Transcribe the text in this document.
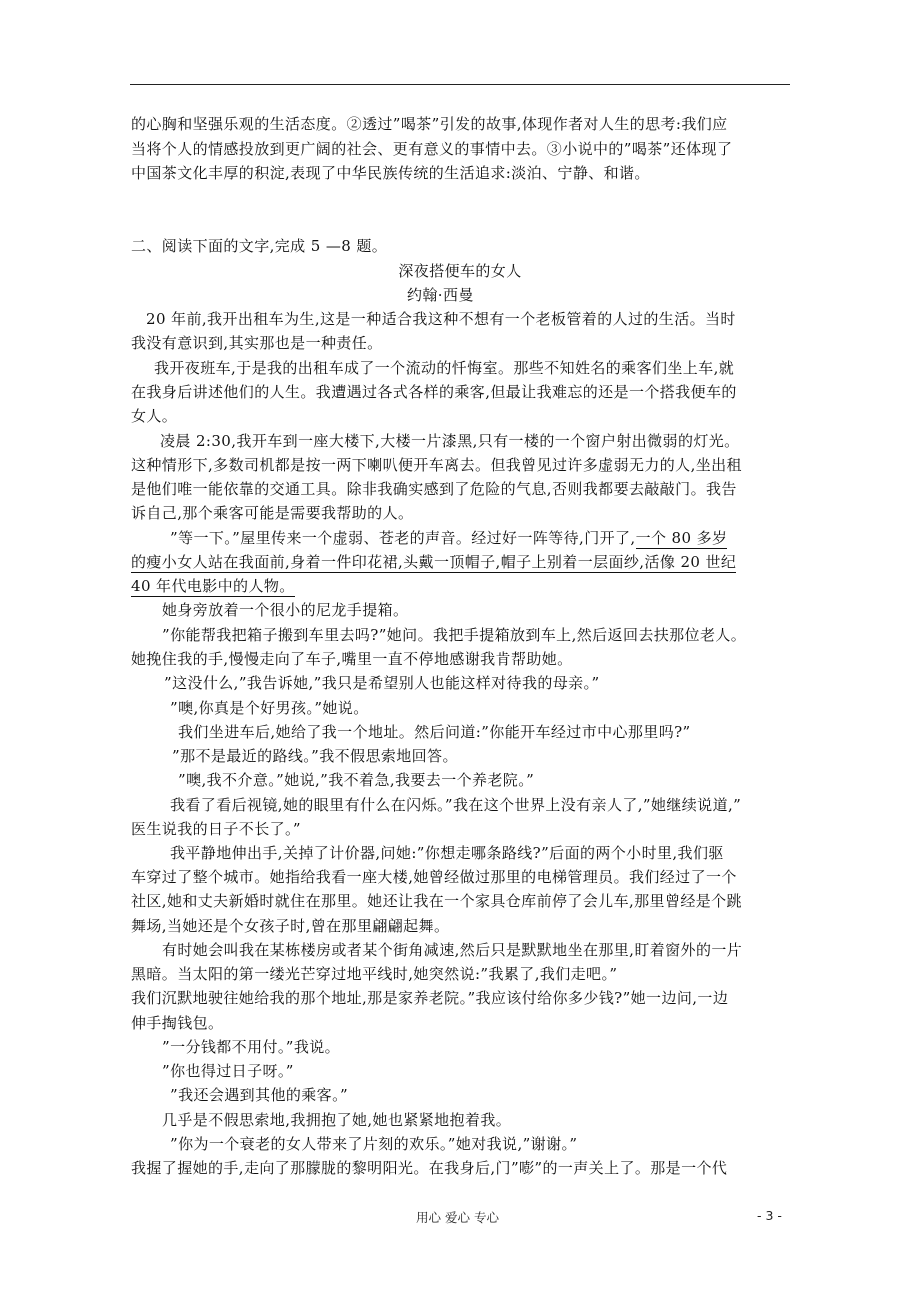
的心胸和坚强乐观的生活态度。②透过”喝茶”引发的故事,体现作者对人生的思考:我们应
当将个人的情感投放到更广阔的社会、更有意义的事情中去。③小说中的”喝茶”还体现了
中国茶文化丰厚的积淀,表现了中华民族传统的生活追求:淡泊、宁静、和谐。
二、阅读下面的文字,完成 5 —8 题。
深夜搭便车的女人
约翰·西曼
20 年前,我开出租车为生,这是一种适合我这种不想有一个老板管着的人过的生活。当时
我没有意识到,其实那也是一种责任。
我开夜班车,于是我的出租车成了一个流动的忏悔室。那些不知姓名的乘客们坐上车,就
在我身后讲述他们的人生。我遭遇过各式各样的乘客,但最让我难忘的还是一个搭我便车的
女人。
凌晨 2:30,我开车到一座大楼下,大楼一片漆黑,只有一楼的一个窗户射出微弱的灯光。
这种情形下,多数司机都是按一两下喇叭便开车离去。但我曾见过许多虚弱无力的人,坐出租
是他们唯一能依靠的交通工具。除非我确实感到了危险的气息,否则我都要去敲敲门。我告
诉自己,那个乘客可能是需要我帮助的人。
”等一下。”屋里传来一个虚弱、苍老的声音。经过好一阵等待,门开了,一个 80 多岁
的瘦小女人站在我面前,身着一件印花裙,头戴一顶帽子,帽子上别着一层面纱,活像 20 世纪
40 年代电影中的人物。
她身旁放着一个很小的尼龙手提箱。
”你能帮我把箱子搬到车里去吗?”她问。我把手提箱放到车上,然后返回去扶那位老人。
她挽住我的手,慢慢走向了车子,嘴里一直不停地感谢我肯帮助她。
”这没什么,”我告诉她,”我只是希望别人也能这样对待我的母亲。”
”噢,你真是个好男孩。”她说。
我们坐进车后,她给了我一个地址。然后问道:”你能开车经过市中心那里吗?”
”那不是最近的路线。”我不假思索地回答。
”噢,我不介意。”她说,”我不着急,我要去一个养老院。”
我看了看后视镜,她的眼里有什么在闪烁。”我在这个世界上没有亲人了,”她继续说道,”
医生说我的日子不长了。”
我平静地伸出手,关掉了计价器,问她:”你想走哪条路线?”后面的两个小时里,我们驱
车穿过了整个城市。她指给我看一座大楼,她曾经做过那里的电梯管理员。我们经过了一个
社区,她和丈夫新婚时就住在那里。她还让我在一个家具仓库前停了会儿车,那里曾经是个跳
舞场,当她还是个女孩子时,曾在那里翩翩起舞。
有时她会叫我在某栋楼房或者某个街角减速,然后只是默默地坐在那里,盯着窗外的一片
黑暗。当太阳的第一缕光芒穿过地平线时,她突然说:”我累了,我们走吧。”
我们沉默地驶往她给我的那个地址,那是家养老院。”我应该付给你多少钱?”她一边问,一边
伸手掏钱包。
”一分钱都不用付。”我说。
”你也得过日子呀。”
”我还会遇到其他的乘客。”
几乎是不假思索地,我拥抱了她,她也紧紧地抱着我。
”你为一个衰老的女人带来了片刻的欢乐。”她对我说,”谢谢。”
我握了握她的手,走向了那朦胧的黎明阳光。在我身后,门”嘭”的一声关上了。那是一个代
用心 爱心 专心	- 3 -
